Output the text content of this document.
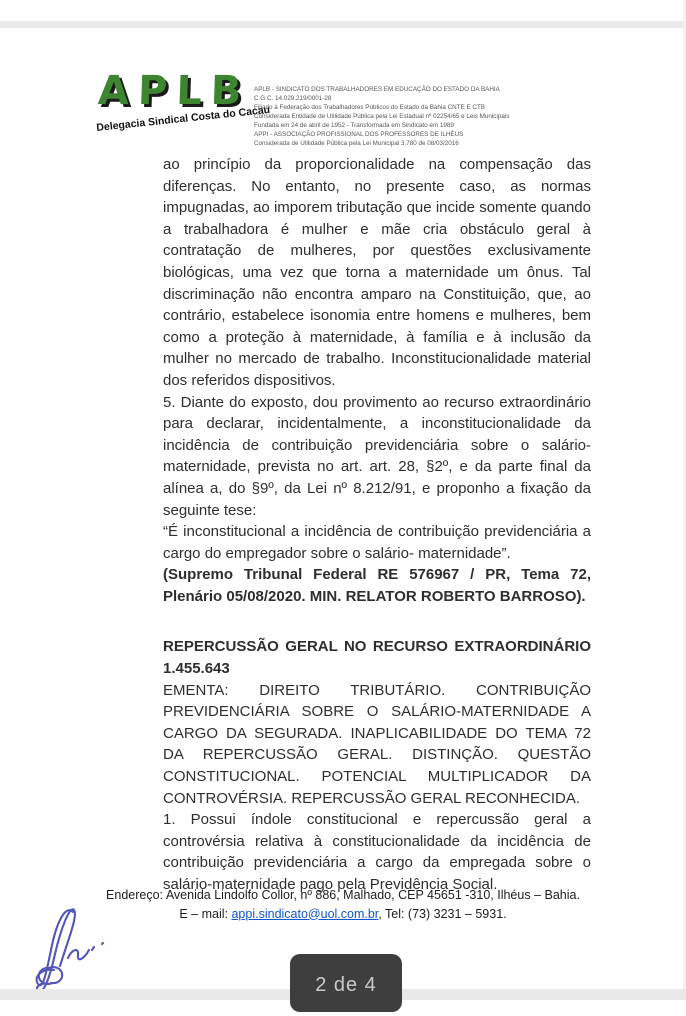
APLB
Delegacia Sindical Costa do Cacau
APLB - SINDICATO DOS TRABALHADORES EM EDUCAÇÃO DO ESTADO DA BAHIA
C.G.C. 14.029.219/0001-28
Filiado à Federação dos Trabalhadores Públicos do Estado da Bahia CNTE E CTB
Considerada Entidade de Utilidade Pública pela Lei Estadual nº 02254/65 e Leis Municipais
Fundada em 24 de abril de 1952 - Transformada em Sindicato em 1989
APPI - ASSOCIAÇÃO PROFISSIONAL DOS PROFESSORES DE ILHÉUS
Considerada de Utilidade Pública pela Lei Municipal 3.780 de 08/03/2016

ao princípio da proporcionalidade na compensação das diferenças. No entanto, no presente caso, as normas impugnadas, ao imporem tributação que incide somente quando a trabalhadora é mulher e mãe cria obstáculo geral à contratação de mulheres, por questões exclusivamente biológicas, uma vez que torna a maternidade um ônus. Tal discriminação não encontra amparo na Constituição, que, ao contrário, estabelece isonomia entre homens e mulheres, bem como a proteção à maternidade, à família e à inclusão da mulher no mercado de trabalho. Inconstitucionalidade material dos referidos dispositivos.

5. Diante do exposto, dou provimento ao recurso extraordinário para declarar, incidentalmente, a inconstitucionalidade da incidência de contribuição previdenciária sobre o salário-maternidade, prevista no art. art. 28, §2º, e da parte final da alínea a, do §9º, da Lei nº 8.212/91, e proponho a fixação da seguinte tese:

“É inconstitucional a incidência de contribuição previdenciária a cargo do empregador sobre o salário- maternidade”.

(Supremo Tribunal Federal RE 576967 / PR, Tema 72, Plenário 05/08/2020. MIN. RELATOR ROBERTO BARROSO).

REPERCUSSÃO GERAL NO RECURSO EXTRAORDINÁRIO 1.455.643

EMENTA: DIREITO TRIBUTÁRIO. CONTRIBUIÇÃO PREVIDENCIÁRIA SOBRE O SALÁRIO-MATERNIDADE A CARGO DA SEGURADA. INAPLICABILIDADE DO TEMA 72 DA REPERCUSSÃO GERAL. DISTINÇÃO. QUESTÃO CONSTITUCIONAL. POTENCIAL MULTIPLICADOR DA CONTROVÉRSIA. REPERCUSSÃO GERAL RECONHECIDA.

1. Possui índole constitucional e repercussão geral a controvérsia relativa à constitucionalidade da incidência de contribuição previdenciária a cargo da empregada sobre o salário-maternidade pago pela Previdência Social.

Endereço: Avenida Lindolfo Collor, nº 886, Malhado, CEP 45651 -310, Ilhéus – Bahia.
E – mail: appi.sindicato@uol.com.br, Tel: (73) 3231 – 5931.
2 de 4
